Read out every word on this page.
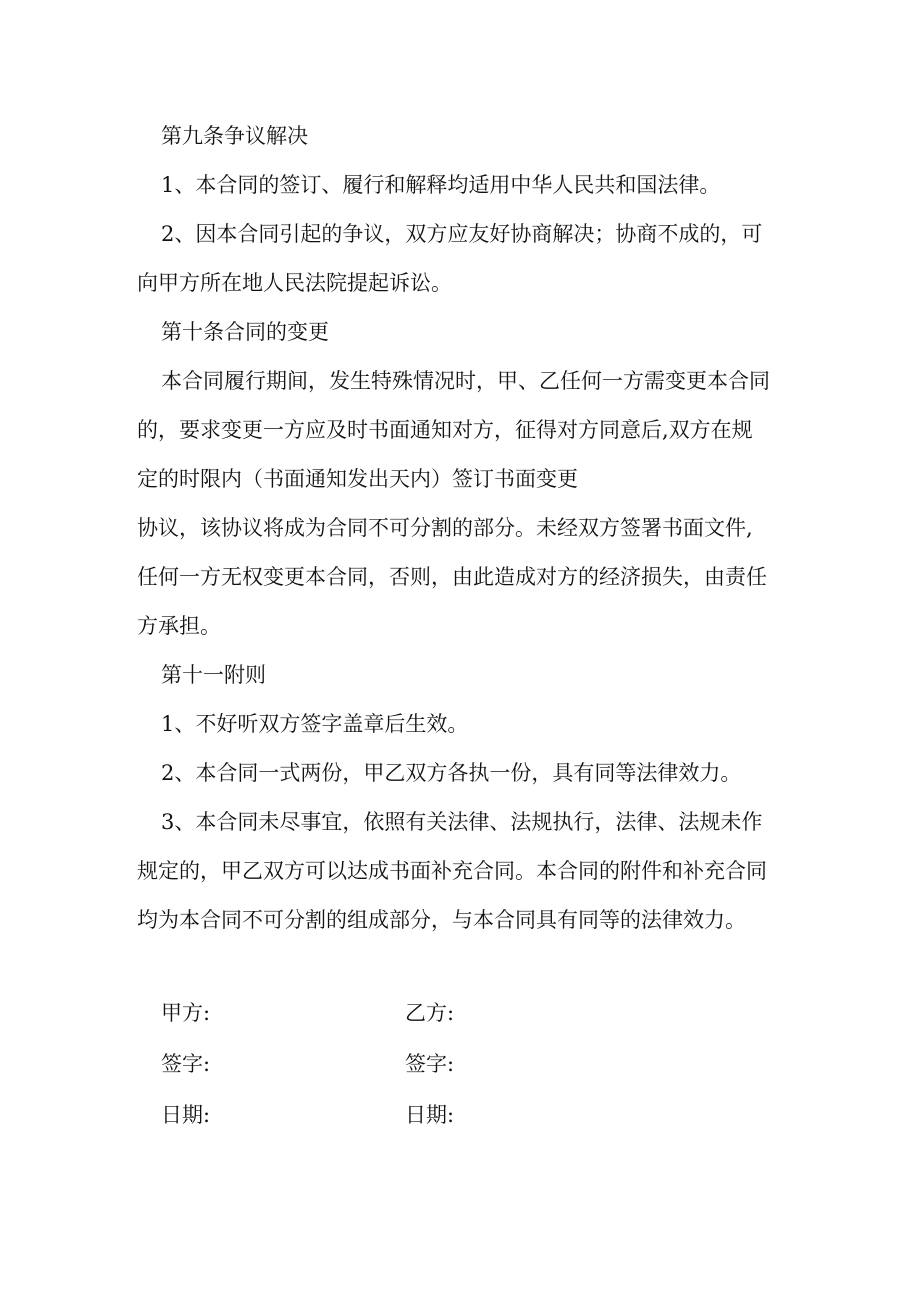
第九条争议解决
1、本合同的签订、履行和解释均适用中华人民共和国法律。
2、因本合同引起的争议，双方应友好协商解决；协商不成的，可
向甲方所在地人民法院提起诉讼。
第十条合同的变更
本合同履行期间，发生特殊情况时，甲、乙任何一方需变更本合同
的，要求变更一方应及时书面通知对方，征得对方同意后,双方在规
定的时限内（书面通知发出天内）签订书面变更
协议，该协议将成为合同不可分割的部分。未经双方签署书面文件,
任何一方无权变更本合同，否则，由此造成对方的经济损失，由责任
方承担。
第十一附则
1、不好听双方签字盖章后生效。
2、本合同一式两份，甲乙双方各执一份，具有同等法律效力。
3、本合同未尽事宜，依照有关法律、法规执行，法律、法规未作
规定的，甲乙双方可以达成书面补充合同。本合同的附件和补充合同
均为本合同不可分割的组成部分，与本合同具有同等的法律效力。
甲方:	乙方:
签字:	签字:
日期:	日期:
